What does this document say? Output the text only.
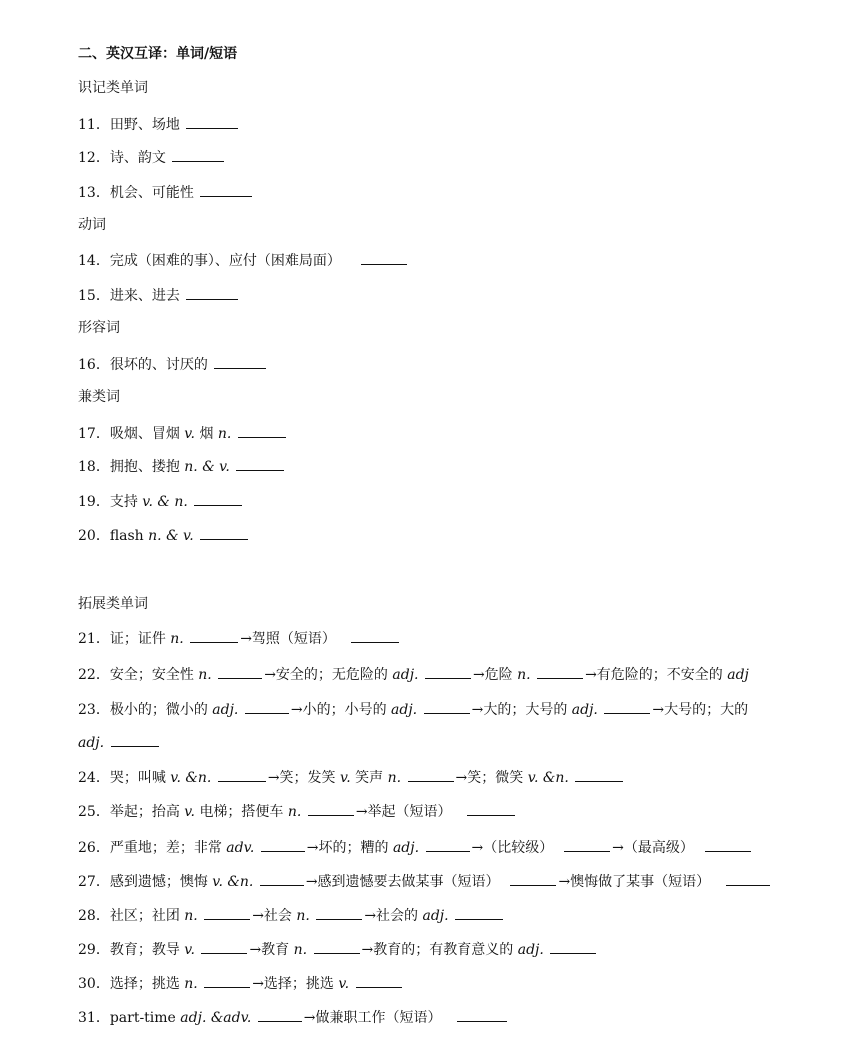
二、英汉互译：单词/短语
识记类单词
11．田野、场地
12．诗、韵文
13．机会、可能性
动词
14．完成（困难的事）、应付（困难局面）
15．进来、进去
形容词
16．很坏的、讨厌的
兼类词
17．吸烟、冒烟 v. 烟 n.
18．拥抱、搂抱 n. & v.
19．支持 v. & n.
20．flash n. & v.
拓展类单词
21．证；证件 n.	→驾照（短语）
22．安全；安全性 n.	→安全的；无危险的 adj.	→危险 n.	→有危险的；不安全的 adj
23．极小的；微小的 adj.	→小的；小号的 adj.	→大的；大号的 adj.	→大号的；大的
adj.
24．哭；叫喊 v. &n.	→笑；发笑 v. 笑声 n.	→笑；微笑 v. &n.
25．举起；抬高 v. 电梯；搭便车 n.	→举起（短语）
26．严重地；差；非常 adv.	→坏的；糟的 adj.	→（比较级）	→（最高级）
27．感到遗憾；懊悔 v. &n.	→感到遗憾要去做某事（短语）	→懊悔做了某事（短语）
28．社区；社团 n.	→社会 n.	→社会的 adj.
29．教育；教导 v.	→教育 n.	→教育的；有教育意义的 adj.
30．选择；挑选 n.	→选择；挑选 v.
31．part-time adj. &adv.	→做兼职工作（短语）
